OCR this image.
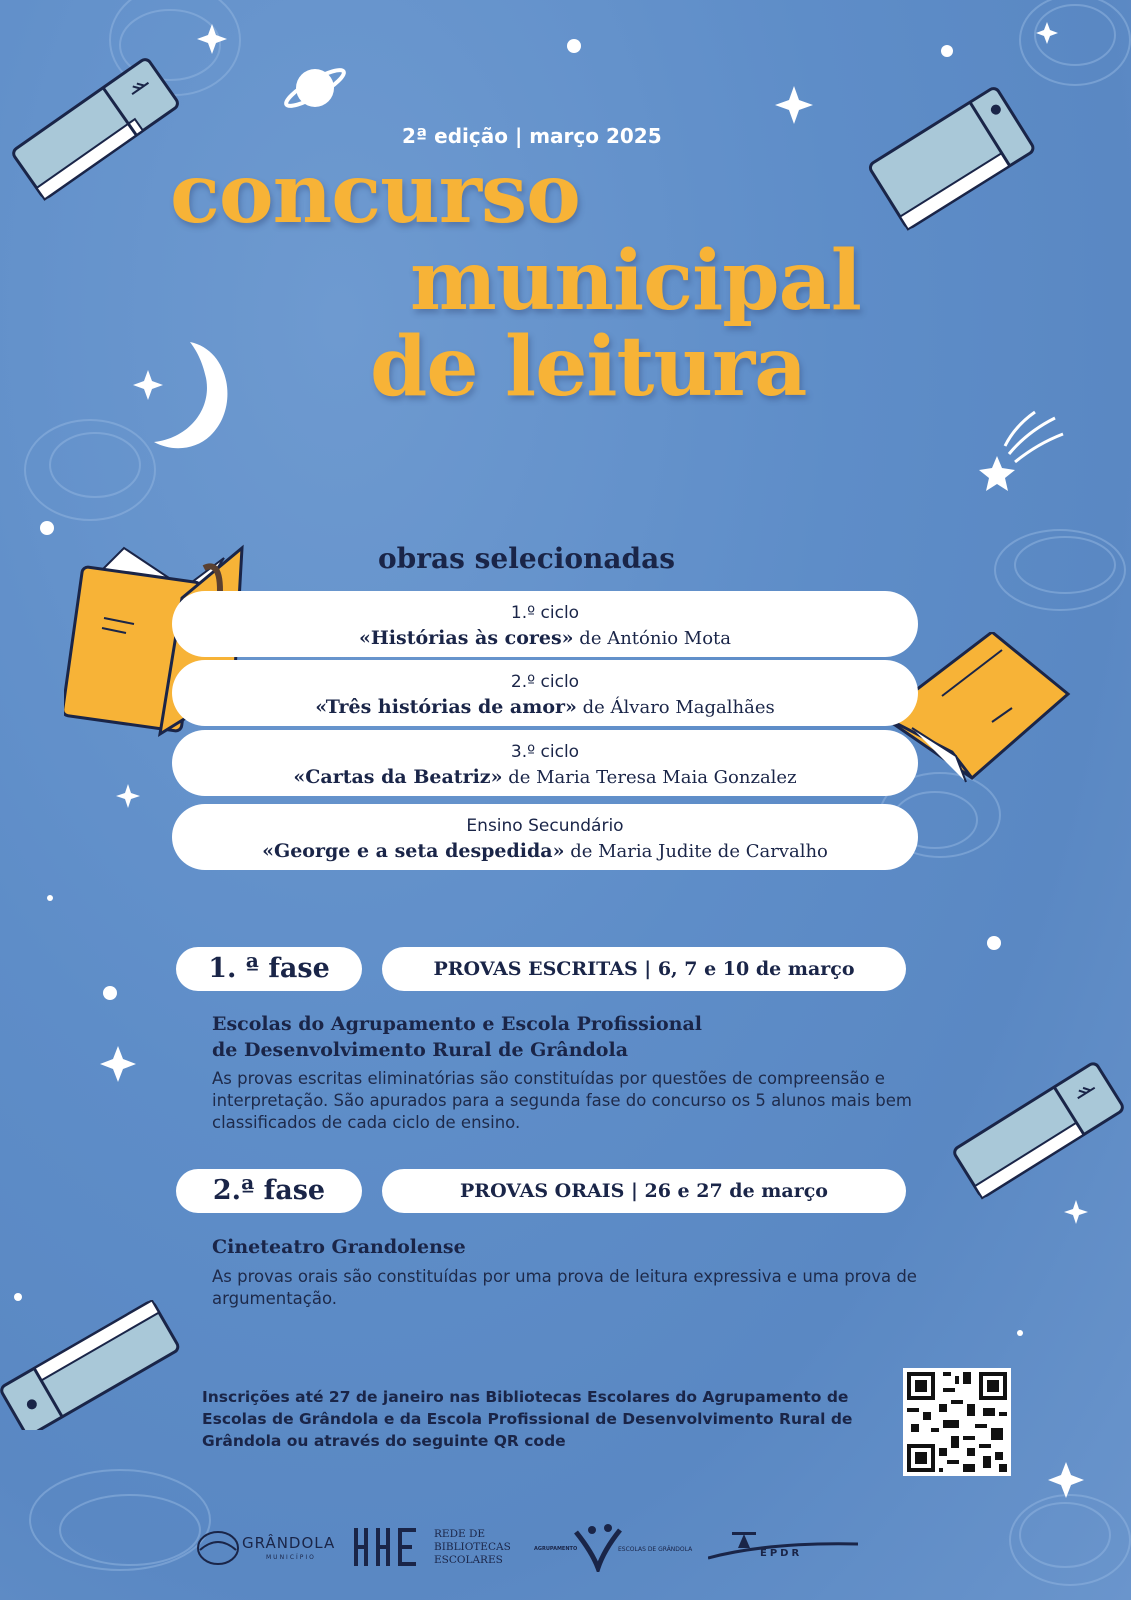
2ª edição | março 2025
concurso
municipal
de leitura
obras selecionadas
1.º ciclo
«Histórias às cores» de António Mota
2.º ciclo
«Três histórias de amor» de Álvaro Magalhães
3.º ciclo
«Cartas da Beatriz» de Maria Teresa Maia Gonzalez
Ensino Secundário
«George e a seta despedida» de Maria Judite de Carvalho
1. ª fase	PROVAS ESCRITAS | 6, 7 e 10 de março
Escolas do Agrupamento e Escola Profissional
de Desenvolvimento Rural de Grândola
As provas escritas eliminatórias são constituídas por questões de compreensão e interpretação. São apurados para a segunda fase do concurso os 5 alunos mais bem classificados de cada ciclo de ensino.
2.ª fase	PROVAS ORAIS | 26 e 27 de março
Cineteatro Grandolense
As provas orais são constituídas por uma prova de leitura expressiva e uma prova de argumentação.
Inscrições até 27 de janeiro nas Bibliotecas Escolares do Agrupamento de Escolas de Grândola e da Escola Profissional de Desenvolvimento Rural de Grândola ou através do seguinte QR code
GRÂNDOLA
MUNICÍPIO
REDE DE
BIBLIOTECAS
ESCOLARES
AGRUPAMENTO	ESCOLAS DE GRÂNDOLA	EPDR
